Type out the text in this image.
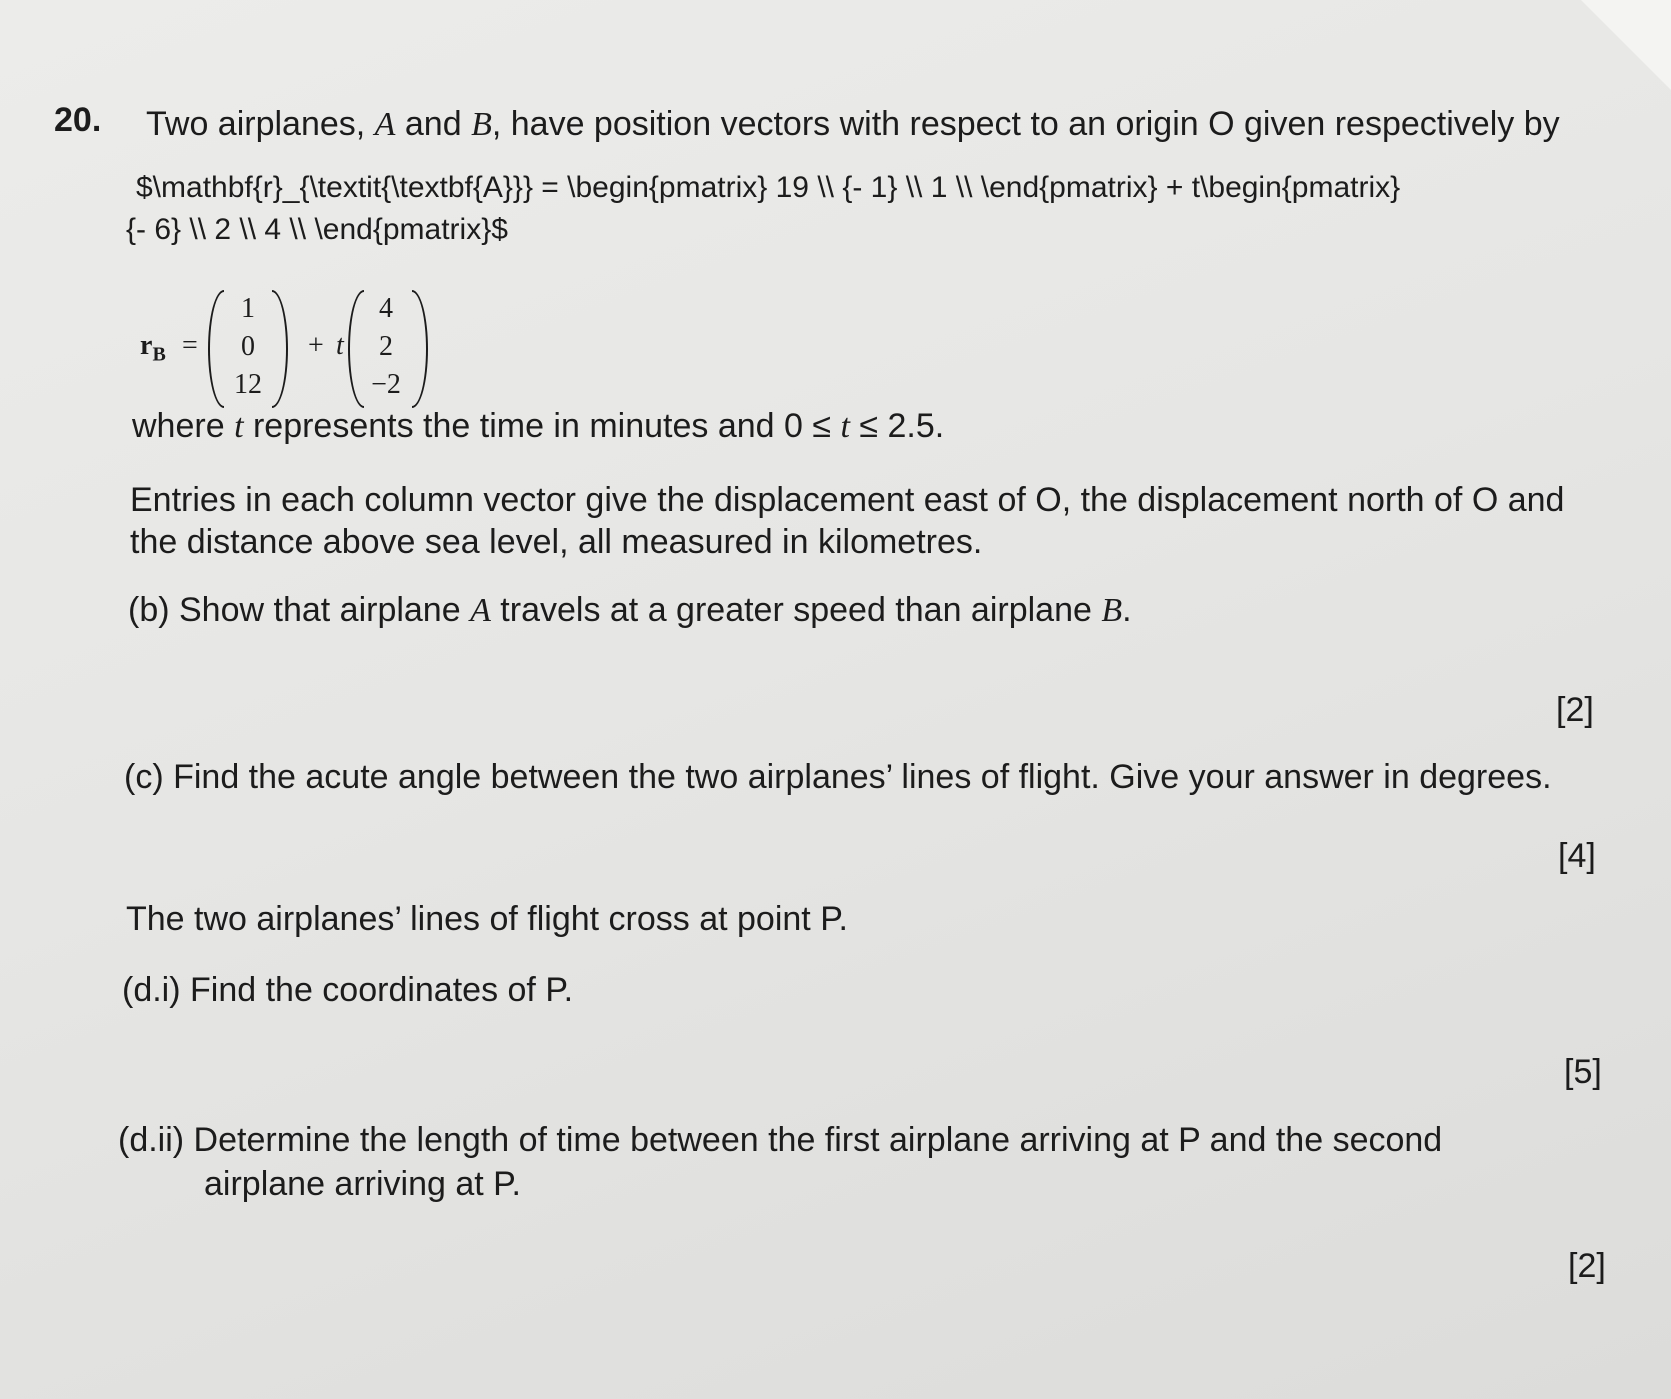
20. Two airplanes, A and B, have position vectors with respect to an origin O given respectively by

$\mathbf{r}_{\textit{\textbf{A}}} = \begin{pmatrix} 19 \\ {- 1} \\ 1 \\ \end{pmatrix} + t\begin{pmatrix}

{- 6} \\ 2 \\ 4 \\ \end{pmatrix}$

$r_B$ =
1
0
12
+ t
4
2
−2

where t represents the time in minutes and 0 ≤ t ≤ 2.5.

Entries in each column vector give the displacement east of O, the displacement north of O and

the distance above sea level, all measured in kilometres.

(b) Show that airplane A travels at a greater speed than airplane B.

[2]

(c) Find the acute angle between the two airplanes’ lines of flight. Give your answer in degrees.

[4]

The two airplanes’ lines of flight cross at point P.

(d.i) Find the coordinates of P.

[5]

(d.ii) Determine the length of time between the first airplane arriving at P and the second

airplane arriving at P.

[2]
